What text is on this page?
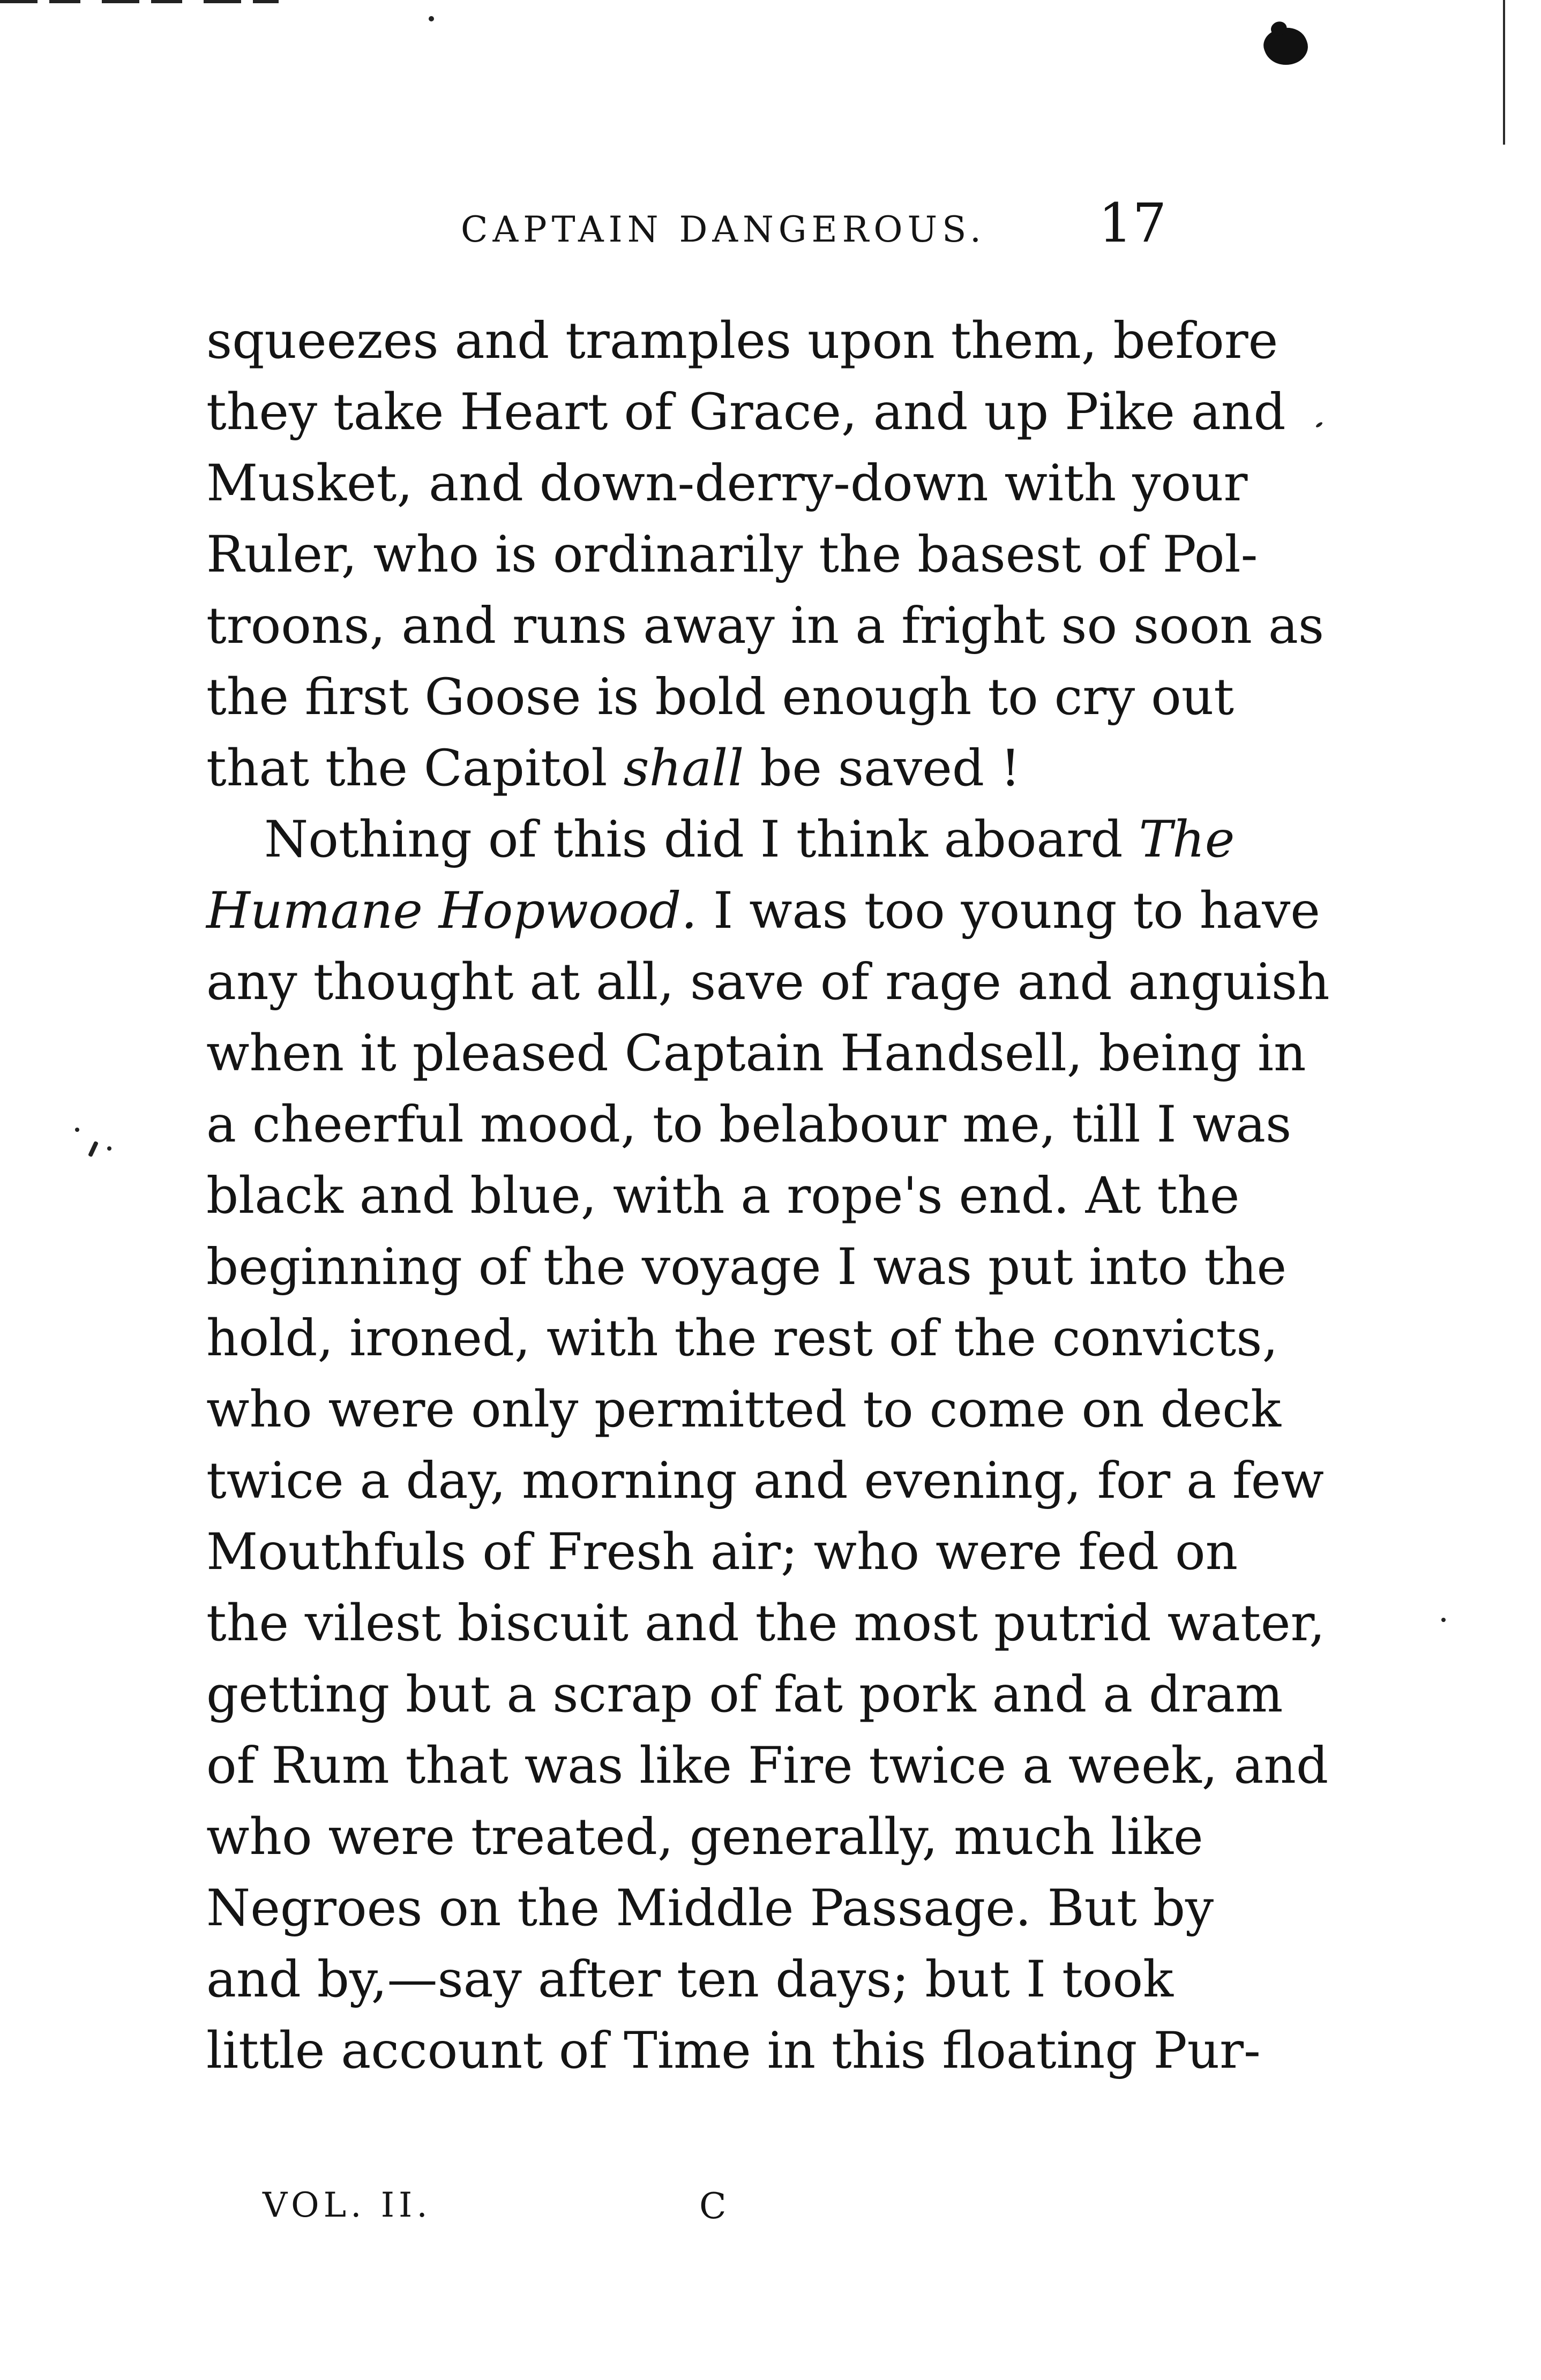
CAPTAIN DANGEROUS. 17
squeezes and tramples upon them, before
they take Heart of Grace, and up Pike and
Musket, and down-derry-down with your
Ruler, who is ordinarily the basest of Pol-
troons, and runs away in a fright so soon as
the first Goose is bold enough to cry out
that the Capitol shall be saved !
Nothing of this did I think aboard The
Humane Hopwood. I was too young to have
any thought at all, save of rage and anguish
when it pleased Captain Handsell, being in
a cheerful mood, to belabour me, till I was
black and blue, with a rope's end. At the
beginning of the voyage I was put into the
hold, ironed, with the rest of the convicts,
who were only permitted to come on deck
twice a day, morning and evening, for a few
Mouthfuls of Fresh air; who were fed on
the vilest biscuit and the most putrid water,
getting but a scrap of fat pork and a dram
of Rum that was like Fire twice a week, and
who were treated, generally, much like
Negroes on the Middle Passage. But by
and by,—say after ten days; but I took
little account of Time in this floating Pur-
VOL. II.	C
